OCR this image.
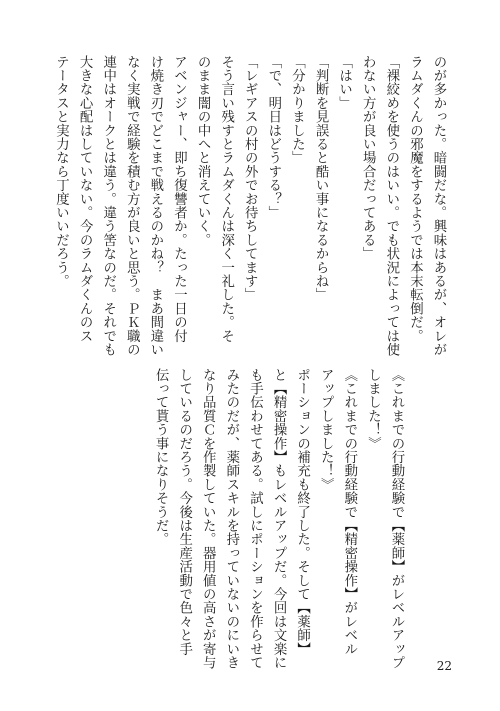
のが多かった。暗闘だな。興味はあるが、オレが
ラムダくんの邪魔をするようでは本末転倒だ。
「裸絞めを使うのはいい。でも状況によっては使
わない方が良い場合だってある」
「はい」
「判断を見誤ると酷い事になるからね」
「分かりました」
「で、明日はどうする？」
「レギアスの村の外でお待ちしてます」
そう言い残すとラムダくんは深く一礼した。そ
のまま闇の中へと消えていく。
アベンジャー、即ち復讐者か。たった一日の付
け焼き刃でどこまで戦えるのかね？　まあ間違い
なく実戦で経験を積む方が良いと思う。ＰＫ職の
連中はオークとは違う。違う筈なのだ。それでも
大きな心配はしていない。今のラムダくんのス
テータスと実力なら丁度いいだろう。
《これまでの行動経験で【薬師】がレベルアップ
しました！》
《これまでの行動経験で【精密操作】がレベル
アップしました！》
ポーションの補充も終了した。そして【薬師】
と【精密操作】もレベルアップだ。今回は文楽に
も手伝わせてある。試しにポーションを作らせて
みたのだが、薬師スキルを持っていないのにいき
なり品質Ｃを作製していた。器用値の高さが寄与
しているのだろう。今後は生産活動で色々と手
伝って貰う事になりそうだ。
22
